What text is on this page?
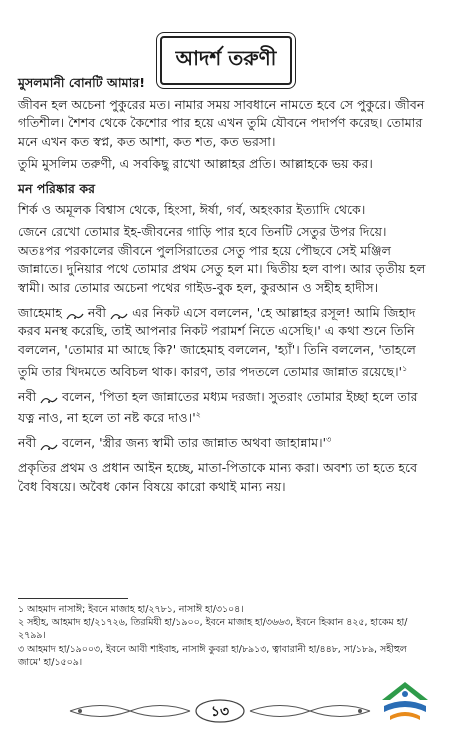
আদর্শ তরুণী

মুসলমানী বোনটি আমার!

জীবন হল অচেনা পুকুরের মত। নামার সময় সাবধানে নামতে হবে সে পুকুরে। জীবন গতিশীল। শৈশব থেকে কৈশোর পার হয়ে এখন তুমি যৌবনে পদার্পণ করেছ। তোমার মনে এখন কত স্বপ্ন, কত আশা, কত শত, কত ভরসা।

তুমি মুসলিম তরুণী, এ সবকিছু রাখো আল্লাহর প্রতি। আল্লাহকে ভয় কর।

মন পরিষ্কার কর

শির্ক ও অমূলক বিশ্বাস থেকে, হিংসা, ঈর্ষা, গর্ব, অহংকার ইত্যাদি থেকে।

জেনে রেখো তোমার ইহ-জীবনের গাড়ি পার হবে তিনটি সেতুর উপর দিয়ে। অতঃপর পরকালের জীবনে পুলসিরাতের সেতু পার হয়ে পৌছবে সেই মঞ্জিল জান্নাতে। দুনিয়ার পথে তোমার প্রথম সেতু হল মা। দ্বিতীয় হল বাপ। আর তৃতীয় হল স্বামী। আর তোমার অচেনা পথের গাইড-বুক হল, কুরআন ও সহীহ হাদীস।

জাহেমাহ নবী এর নিকট এসে বললেন, 'হে আল্লাহর রসূল! আমি জিহাদ করব মনস্থ করেছি, তাই আপনার নিকট পরামর্শ নিতে এসেছি।' এ কথা শুনে তিনি বললেন, 'তোমার মা আছে কি?' জাহেমাহ বললেন, 'হ্যাঁ'। তিনি বললেন, 'তাহলে তুমি তার খিদমতে অবিচল থাক। কারণ, তার পদতলে তোমার জান্নাত $রয়েছে।'^১$

নবী বলেন, 'পিতা হল জান্নাতের মধ্যম দরজা। সুতরাং তোমার ইচ্ছা হলে তার যত্ন নাও, না হলে তা নষ্ট করে $দাও।'^২$

নবী বলেন, 'স্ত্রীর জন্য স্বামী তার জান্নাত অথবা $জাহান্নাম।'^৩$

প্রকৃতির প্রথম ও প্রধান আইন হচ্ছে, মাতা-পিতাকে মান্য করা। অবশ্য তা হতে হবে বৈধ বিষয়ে। অবৈধ কোন বিষয়ে কারো কথাই মান্য নয়।

১ আহমাদ নাসাঈ; ইবনে মাজাহ হা/২৭৮১, নাসাঈ হা/৩১০৪।

২ সহীহ, আহমাদ হা/২১৭২৬, তিরমিযী হা/১৯০০, ইবনে মাজাহ হা/৩৬৬৩, ইবনে হিব্বান ৪২৫, হাকেম হা/২৭৯৯।

৩ আহমাদ হা/১৯০০৩, ইবনে আবী শাইবাহ, নাসাঈ কুবরা হা/৮৯১৩, ত্বাবারানী হা/৪৪৮, সা/১৮৯, সহীহুল জামে' হা/১৫০৯।

১৩
